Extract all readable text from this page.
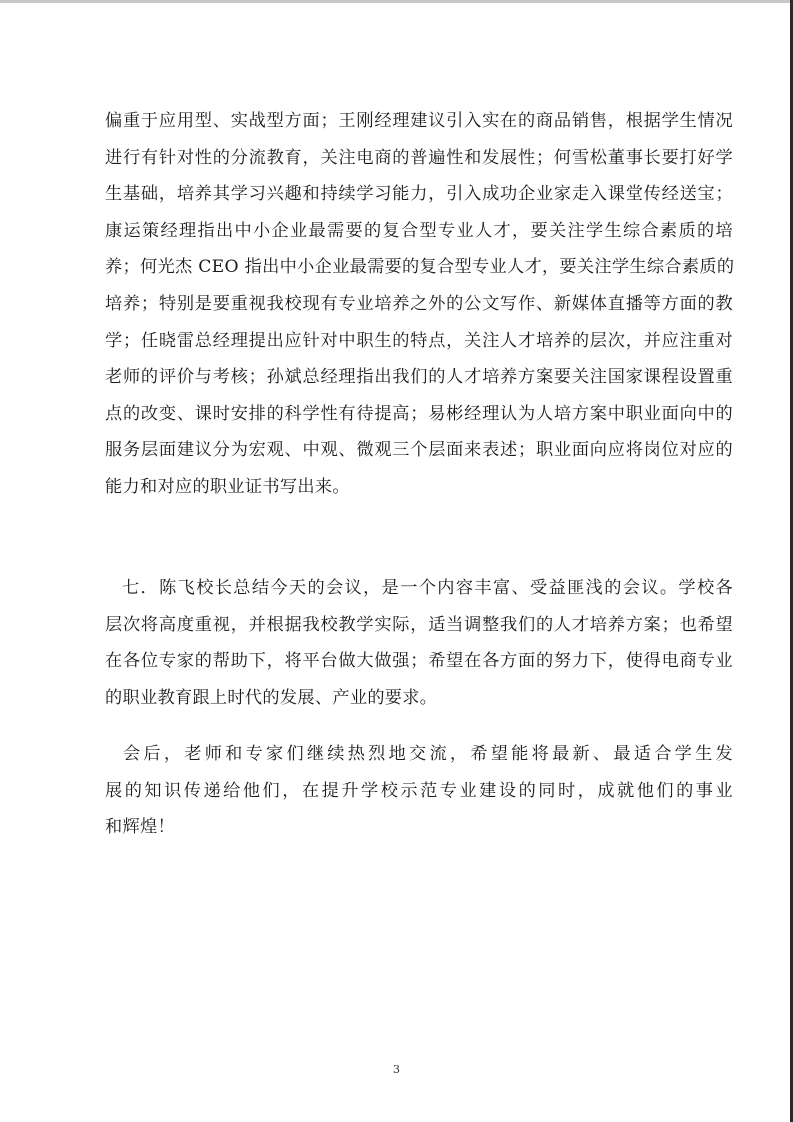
偏重于应用型、实战型方面；王刚经理建议引入实在的商品销售，根据学生情况
进行有针对性的分流教育，关注电商的普遍性和发展性；何雪松董事长要打好学
生基础，培养其学习兴趣和持续学习能力，引入成功企业家走入课堂传经送宝；
康运策经理指出中小企业最需要的复合型专业人才，要关注学生综合素质的培
养；何光杰 CEO 指出中小企业最需要的复合型专业人才，要关注学生综合素质的
培养；特别是要重视我校现有专业培养之外的公文写作、新媒体直播等方面的教
学；任晓雷总经理提出应针对中职生的特点，关注人才培养的层次，并应注重对
老师的评价与考核；孙斌总经理指出我们的人才培养方案要关注国家课程设置重
点的改变、课时安排的科学性有待提高；易彬经理认为人培方案中职业面向中的
服务层面建议分为宏观、中观、微观三个层面来表述；职业面向应将岗位对应的
能力和对应的职业证书写出来。
七．陈飞校长总结今天的会议，是一个内容丰富、受益匪浅的会议。学校各
层次将高度重视，并根据我校教学实际，适当调整我们的人才培养方案；也希望
在各位专家的帮助下，将平台做大做强；希望在各方面的努力下，使得电商专业
的职业教育跟上时代的发展、产业的要求。
会后，老师和专家们继续热烈地交流，希望能将最新、最适合学生发
展的知识传递给他们，在提升学校示范专业建设的同时，成就他们的事业
和辉煌！
3
